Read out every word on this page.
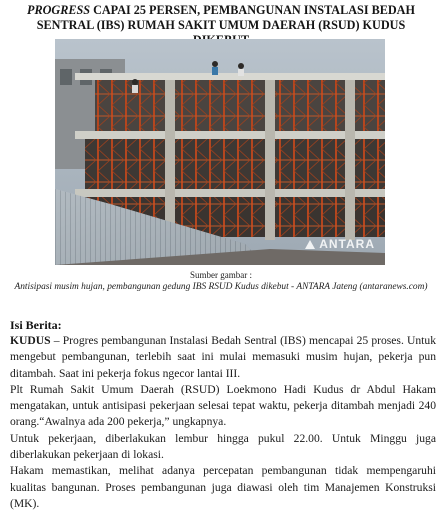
PROGRESS CAPAI 25 PERSEN, PEMBANGUNAN INSTALASI BEDAH SENTRAL (IBS) RUMAH SAKIT UMUM DAERAH (RSUD) KUDUS
ANTARA
Sumber gambar :
Antisipasi musim hujan, pembangunan gedung IBS RSUD Kudus dikebut - ANTARA Jateng (antaranews.com)
Isi Berita:

KUDUS – Progres pembangunan Instalasi Bedah Sentral (IBS) mencapai 25 proses. Untuk mengebut pembangunan, terlebih saat ini mulai memasuki musim hujan, pekerja pun ditambah. Saat ini pekerja fokus ngecor lantai III.

Plt Rumah Sakit Umum Daerah (RSUD) Loekmono Hadi Kudus dr Abdul Hakam mengatakan, untuk antisipasi pekerjaan selesai tepat waktu, pekerja ditambah menjadi 240 orang.“Awalnya ada 200 pekerja,” ungkapnya.

Untuk pekerjaan, diberlakukan lembur hingga pukul 22.00. Untuk Minggu juga diberlakukan pekerjaan di lokasi.

Hakam memastikan, melihat adanya percepatan pembangunan tidak mempengaruhi kualitas bangunan. Proses pembangunan juga diawasi oleh tim Manajemen Konstruksi (MK).
